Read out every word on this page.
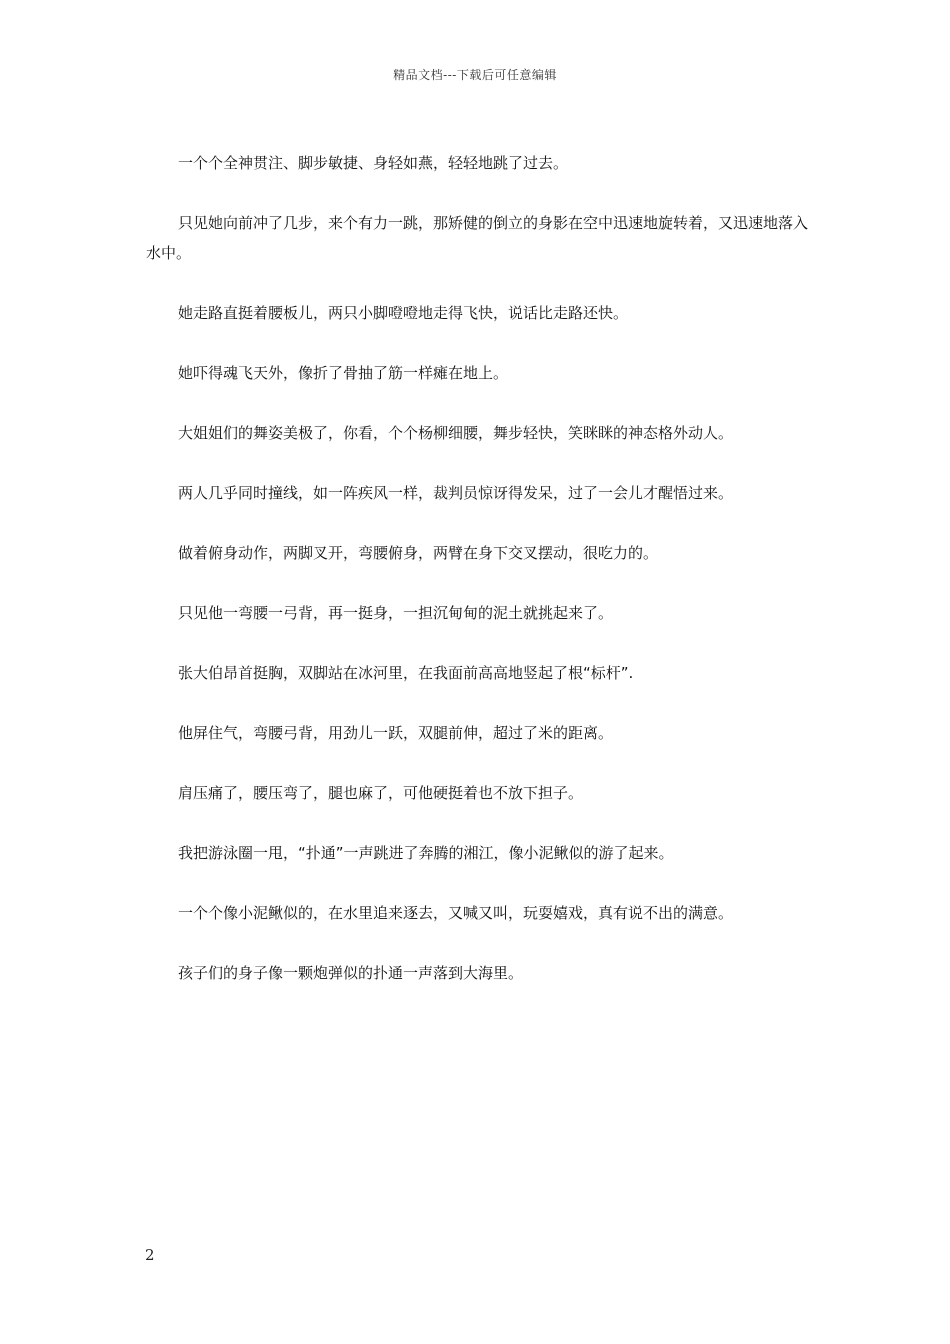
精品文档---下载后可任意编辑

一个个全神贯注、脚步敏捷、身轻如燕，轻轻地跳了过去。

只见她向前冲了几步，来个有力一跳，那矫健的倒立的身影在空中迅速地旋转着，又迅速地落入水中。

她走路直挺着腰板儿，两只小脚噔噔地走得飞快，说话比走路还快。

她吓得魂飞天外，像折了骨抽了筋一样瘫在地上。

大姐姐们的舞姿美极了，你看，个个杨柳细腰，舞步轻快，笑眯眯的神态格外动人。

两人几乎同时撞线，如一阵疾风一样，裁判员惊讶得发呆，过了一会儿才醒悟过来。

做着俯身动作，两脚叉开，弯腰俯身，两臂在身下交叉摆动，很吃力的。

只见他一弯腰一弓背，再一挺身，一担沉甸甸的泥土就挑起来了。

张大伯昂首挺胸，双脚站在冰河里，在我面前高高地竖起了根“标杆”.

他屏住气，弯腰弓背，用劲儿一跃，双腿前伸，超过了米的距离。

肩压痛了，腰压弯了，腿也麻了，可他硬挺着也不放下担子。

我把游泳圈一甩，“扑通”一声跳进了奔腾的湘江，像小泥鳅似的游了起来。

一个个像小泥鳅似的，在水里追来逐去，又喊又叫，玩耍嬉戏，真有说不出的满意。

孩子们的身子像一颗炮弹似的扑通一声落到大海里。

2
